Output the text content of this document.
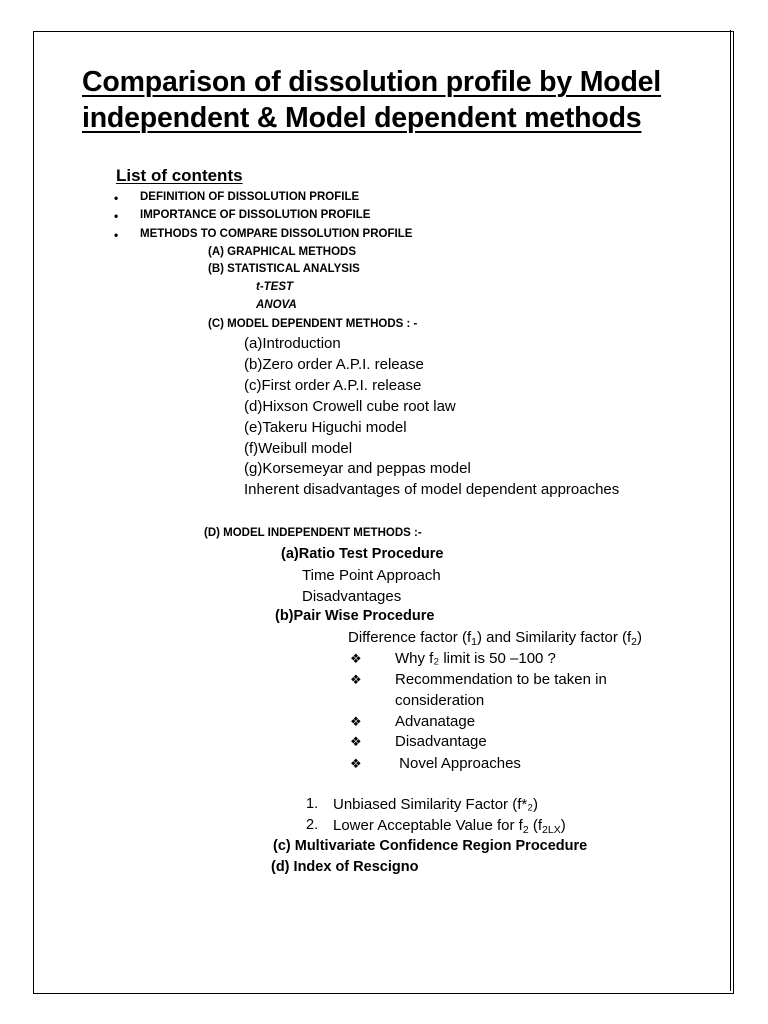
Comparison of dissolution profile by Model
independent & Model dependent methods
List of contents
• DEFINITION OF DISSOLUTION PROFILE
• IMPORTANCE OF DISSOLUTION PROFILE
• METHODS TO COMPARE DISSOLUTION PROFILE
(A) GRAPHICAL METHODS
(B) STATISTICAL ANALYSIS
t-TEST
ANOVA
(C) MODEL DEPENDENT METHODS : -
(a)Introduction
(b)Zero order A.P.I. release
(c)First order A.P.I. release
(d)Hixson Crowell cube root law
(e)Takeru Higuchi model
(f)Weibull model
(g)Korsemeyar and peppas model
Inherent disadvantages of model dependent approaches
(D) MODEL INDEPENDENT METHODS :-
(a)Ratio Test Procedure
Time Point Approach
Disadvantages
(b)Pair Wise Procedure
Difference factor $(f_1)$ and Similarity factor $(f_2)$
❖ Why f₂ limit is 50 –100 ?
❖ Recommendation to be taken in
consideration
❖ Advanatage
❖ Disadvantage
❖ Novel Approaches
1. Unbiased Similarity Factor (f*₂)
2. Lower Acceptable Value for $f_2$ $(f_{2LX})$
(c) Multivariate Confidence Region Procedure
(d) Index of Rescigno
